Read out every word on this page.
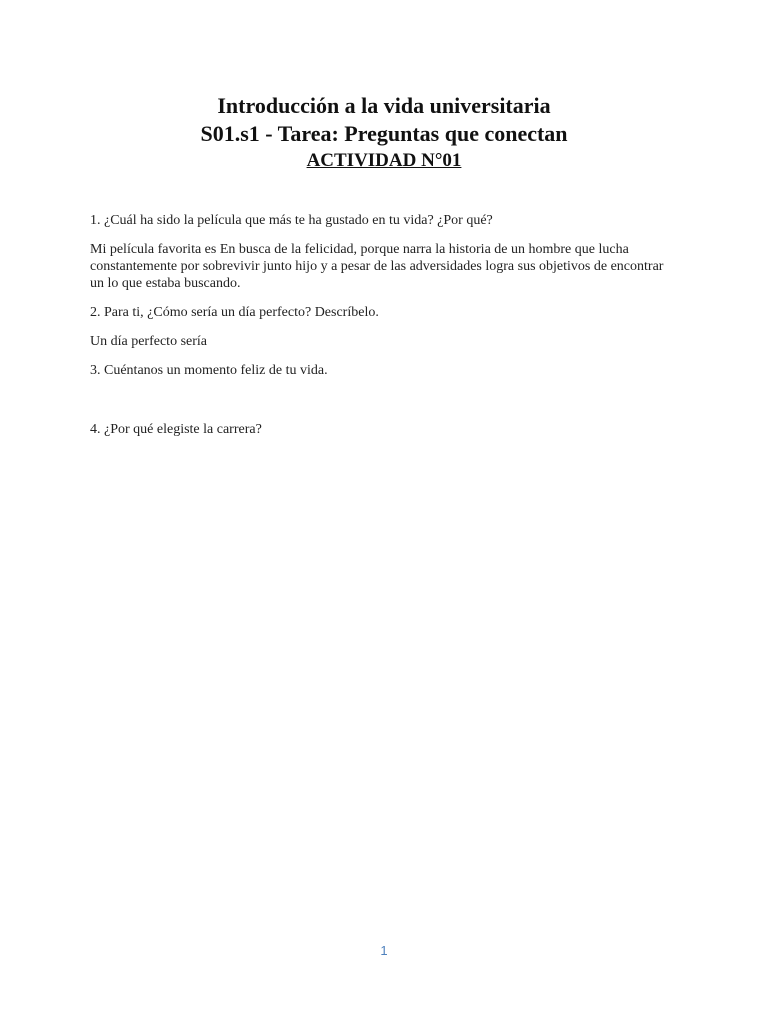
Introducción a la vida universitaria

S01.s1 - Tarea: Preguntas que conectan

ACTIVIDAD N°01

1. ¿Cuál ha sido la película que más te ha gustado en tu vida? ¿Por qué?

Mi película favorita es En busca de la felicidad, porque narra la historia de un hombre que lucha constantemente por sobrevivir junto hijo y a pesar de las adversidades logra sus objetivos de encontrar un lo que estaba buscando.

2. Para ti, ¿Cómo sería un día perfecto? Descríbelo.

Un día perfecto sería

3. Cuéntanos un momento feliz de tu vida.

4. ¿Por qué elegiste la carrera?

1
